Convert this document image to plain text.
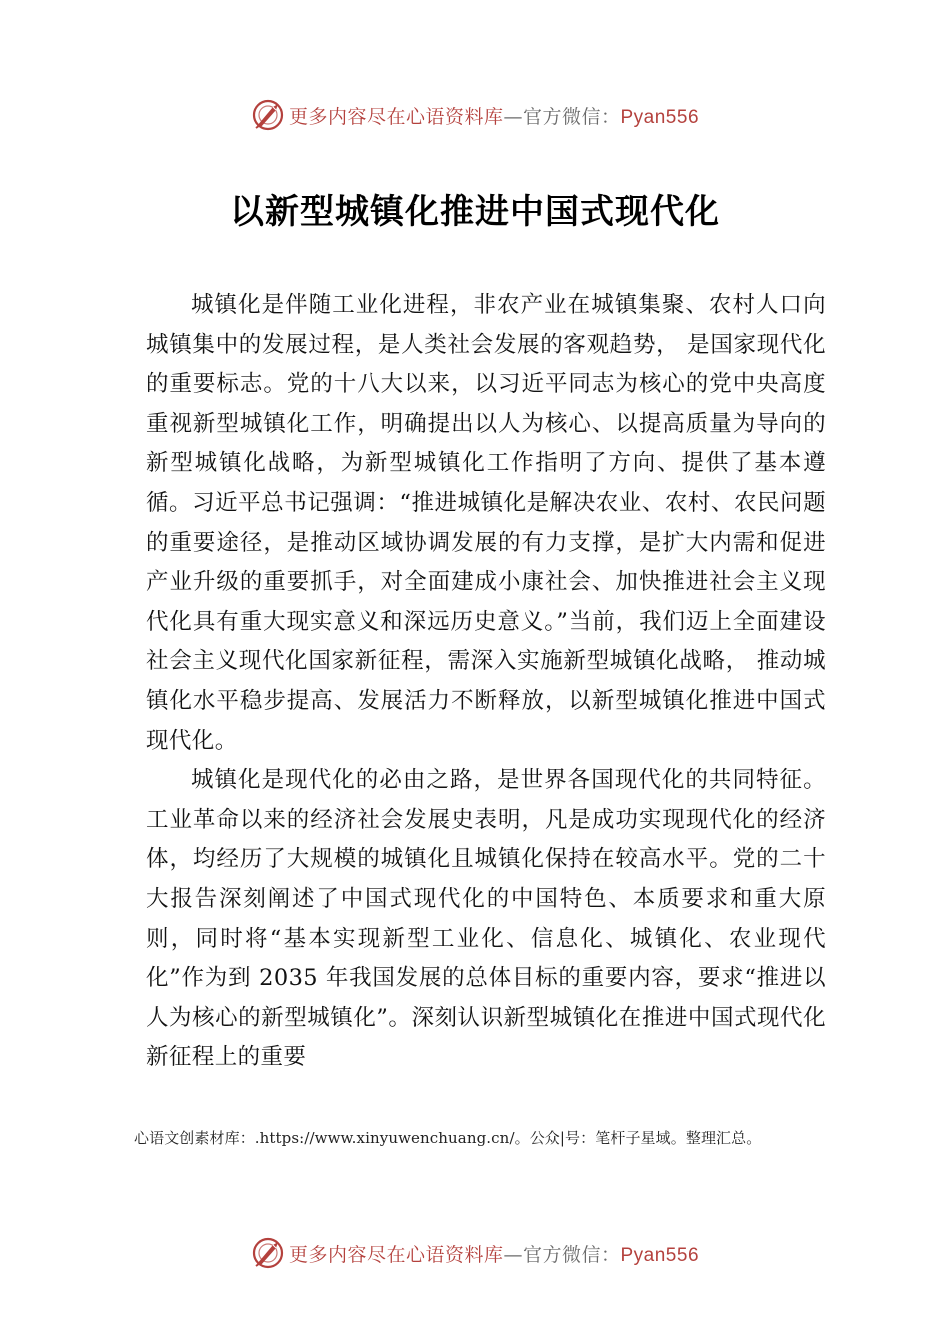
更多内容尽在心语资料库—官方微信：Pyan556
以新型城镇化推进中国式现代化

城镇化是伴随工业化进程，非农产业在城镇集聚、农村人口向城镇集中的发展过程，是人类社会发展的客观趋势， 是国家现代化的重要标志。党的十八大以来，以习近平同志为核心的党中央高度重视新型城镇化工作，明确提出以人为核心、以提高质量为导向的新型城镇化战略，为新型城镇化工作指明了方向、提供了基本遵循。习近平总书记强调：“推进城镇化是解决农业、农村、农民问题的重要途径，是推动区域协调发展的有力支撑，是扩大内需和促进产业升级的重要抓手，对全面建成小康社会、加快推进社会主义现代化具有重大现实意义和深远历史意义。”当前，我们迈上全面建设社会主义现代化国家新征程，需深入实施新型城镇化战略， 推动城镇化水平稳步提高、发展活力不断释放，以新型城镇化推进中国式现代化。

城镇化是现代化的必由之路，是世界各国现代化的共同特征。工业革命以来的经济社会发展史表明，凡是成功实现现代化的经济体，均经历了大规模的城镇化且城镇化保持在较高水平。党的二十大报告深刻阐述了中国式现代化的中国特色、本质要求和重大原则，同时将“基本实现新型工业化、信息化、城镇化、农业现代化”作为到 2035 年我国发展的总体目标的重要内容，要求“推进以人为核心的新型城镇化”。深刻认识新型城镇化在推进中国式现代化新征程上的重要

心语文创素材库：.https://www.xinyuwenchuang.cn/。公众|号：笔杆子星域。整理汇总。
更多内容尽在心语资料库—官方微信：Pyan556
